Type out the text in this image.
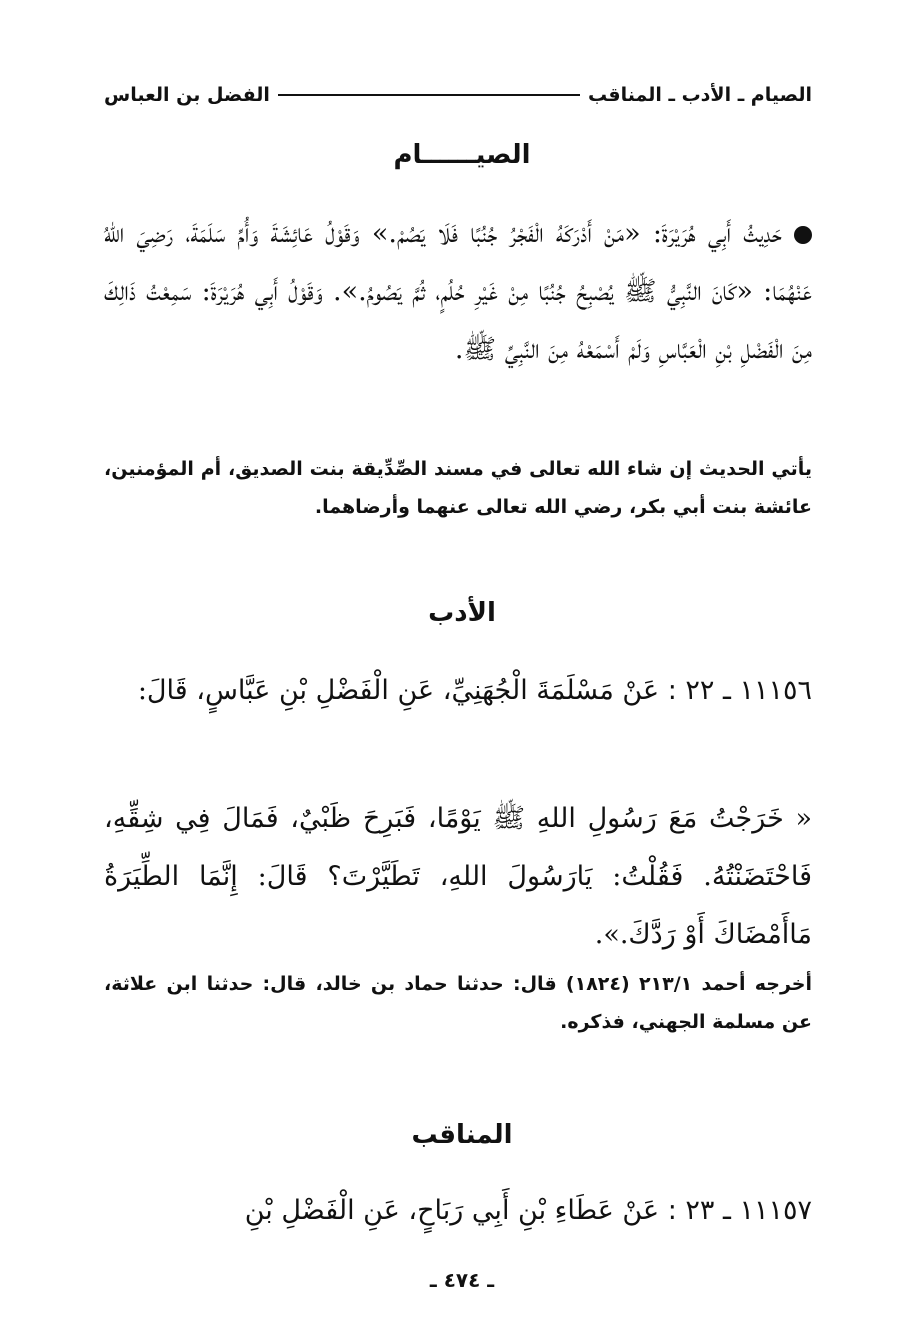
الصيام ـ الأدب ـ المناقب
الفضل بن العباس
الصيــــــام
حَدِيثُ أَبِي هُرَيْرَةَ: «مَنْ أَدْرَكَهُ الْفَجْرُ جُنُبًا فَلَا يَصُمْ.» وَقَوْلُ عَائِشَةَ وَأُمِّ سَلَمَةَ، رَضِيَ اللهُ عَنْهُمَا: «كَانَ النَّبِيُّ ﷺ يُصْبِحُ جُنُبًا مِنْ غَيْرِ حُلُمٍ، ثُمَّ يَصُومُ.». وَقَوْلُ أَبِي هُرَيْرَةَ: سَمِعْتُ ذَالِكَ مِنَ الْفَضْلِ بْنِ الْعَبَّاسِ وَلَمْ أَسْمَعْهُ مِنَ النَّبِيِّ ﷺ.
يأتي الحديث إن شاء الله تعالى في مسند الصِّدِّيقة بنت الصديق، أم المؤمنين، عائشة بنت أبي بكر، رضي الله تعالى عنهما وأرضاهما.
الأدب
١١١٥٦ ـ ٢٢ : عَنْ مَسْلَمَةَ الْجُهَنِيِّ، عَنِ الْفَضْلِ بْنِ عَبَّاسٍ، قَالَ:
« خَرَجْتُ مَعَ رَسُولِ اللهِ ﷺ يَوْمًا، فَبَرِحَ ظَبْيٌ، فَمَالَ فِي شِقِّهِ، فَاحْتَضَنْتُهُ. فَقُلْتُ: يَارَسُولَ اللهِ، تَطَيَّرْتَ؟ قَالَ: إِنَّمَا الطِّيَرَةُ مَاأَمْضَاكَ أَوْ رَدَّكَ.».
أخرجه أحمد ٢١٣/١ (١٨٢٤) قال: حدثنا حماد بن خالد، قال: حدثنا ابن علاثة، عن مسلمة الجهني، فذكره.
المناقب
١١١٥٧ ـ ٢٣ : عَنْ عَطَاءِ بْنِ أَبِي رَبَاحٍ، عَنِ الْفَضْلِ بْنِ
ـ ٤٧٤ ـ
